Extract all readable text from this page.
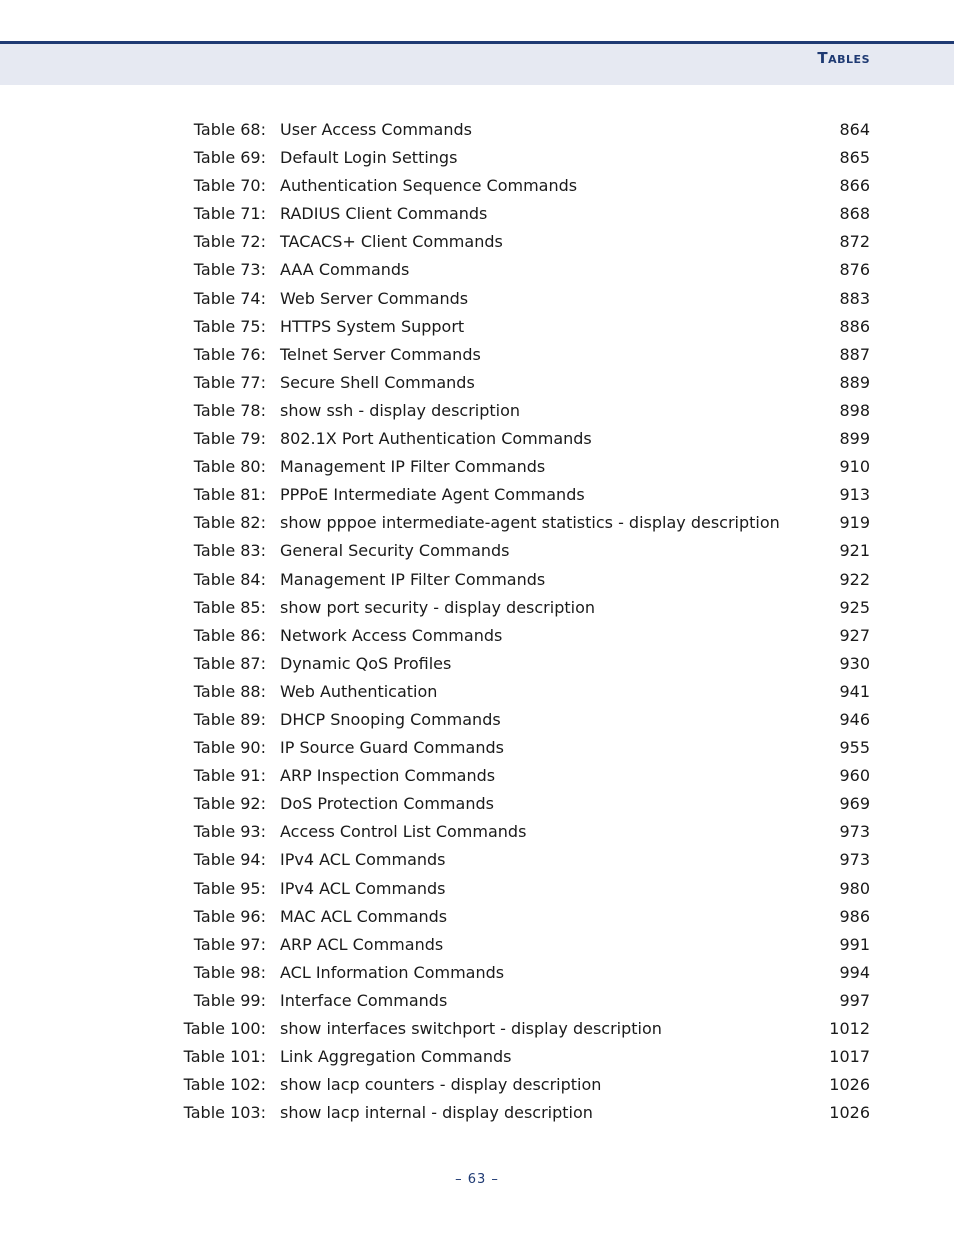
Tables
Table 68: User Access Commands	864
Table 69: Default Login Settings	865
Table 70: Authentication Sequence Commands	866
Table 71: RADIUS Client Commands	868
Table 72: TACACS+ Client Commands	872
Table 73: AAA Commands	876
Table 74: Web Server Commands	883
Table 75: HTTPS System Support	886
Table 76: Telnet Server Commands	887
Table 77: Secure Shell Commands	889
Table 78: show ssh - display description	898
Table 79: 802.1X Port Authentication Commands	899
Table 80: Management IP Filter Commands	910
Table 81: PPPoE Intermediate Agent Commands	913
Table 82: show pppoe intermediate-agent statistics - display description	919
Table 83: General Security Commands	921
Table 84: Management IP Filter Commands	922
Table 85: show port security - display description	925
Table 86: Network Access Commands	927
Table 87: Dynamic QoS Profiles	930
Table 88: Web Authentication	941
Table 89: DHCP Snooping Commands	946
Table 90: IP Source Guard Commands	955
Table 91: ARP Inspection Commands	960
Table 92: DoS Protection Commands	969
Table 93: Access Control List Commands	973
Table 94: IPv4 ACL Commands	973
Table 95: IPv4 ACL Commands	980
Table 96: MAC ACL Commands	986
Table 97: ARP ACL Commands	991
Table 98: ACL Information Commands	994
Table 99: Interface Commands	997
Table 100: show interfaces switchport - display description	1012
Table 101: Link Aggregation Commands	1017
Table 102: show lacp counters - display description	1026
Table 103: show lacp internal - display description	1026
– 63 –
